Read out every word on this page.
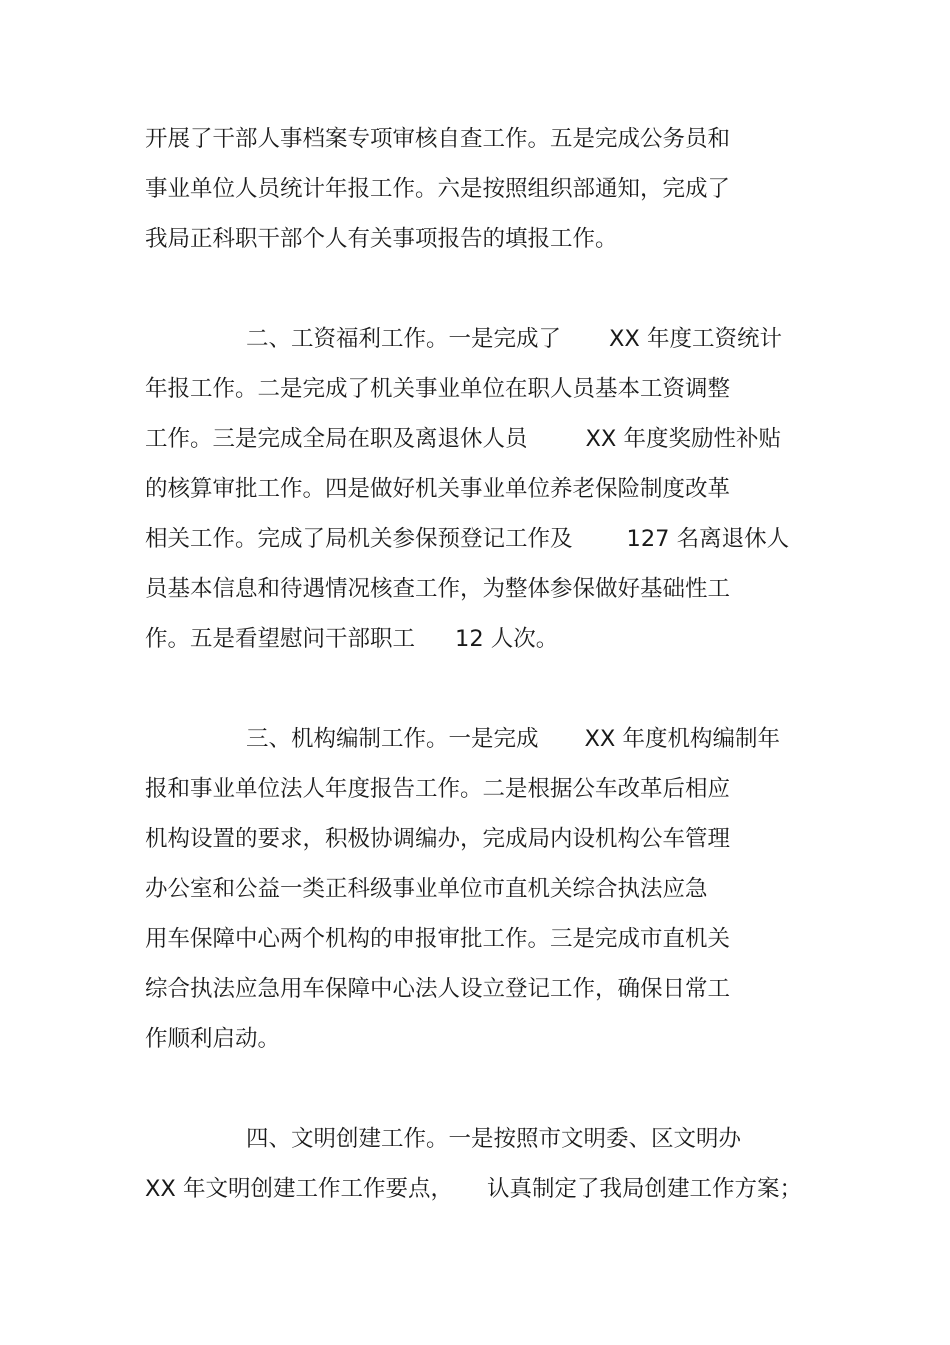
开展了干部人事档案专项审核自查工作。五是完成公务员和
事业单位人员统计年报工作。六是按照组织部通知，完成了
我局正科职干部个人有关事项报告的填报工作。
二、工资福利工作。一是完成了 XX 年度工资统计
年报工作。二是完成了机关事业单位在职人员基本工资调整
工作。三是完成全局在职及离退休人员	XX 年度奖励性补贴
的核算审批工作。四是做好机关事业单位养老保险制度改革
相关工作。完成了局机关参保预登记工作及 127 名离退休人
员基本信息和待遇情况核查工作，为整体参保做好基础性工
作。五是看望慰问干部职工 12 人次。
三、机构编制工作。一是完成 XX 年度机构编制年
报和事业单位法人年度报告工作。二是根据公车改革后相应
机构设置的要求，积极协调编办，完成局内设机构公车管理
办公室和公益一类正科级事业单位市直机关综合执法应急
用车保障中心两个机构的申报审批工作。三是完成市直机关
综合执法应急用车保障中心法人设立登记工作，确保日常工
作顺利启动。
四、文明创建工作。一是按照市文明委、区文明办
XX 年文明创建工作工作要点， 认真制定了我局创建工作方案；
